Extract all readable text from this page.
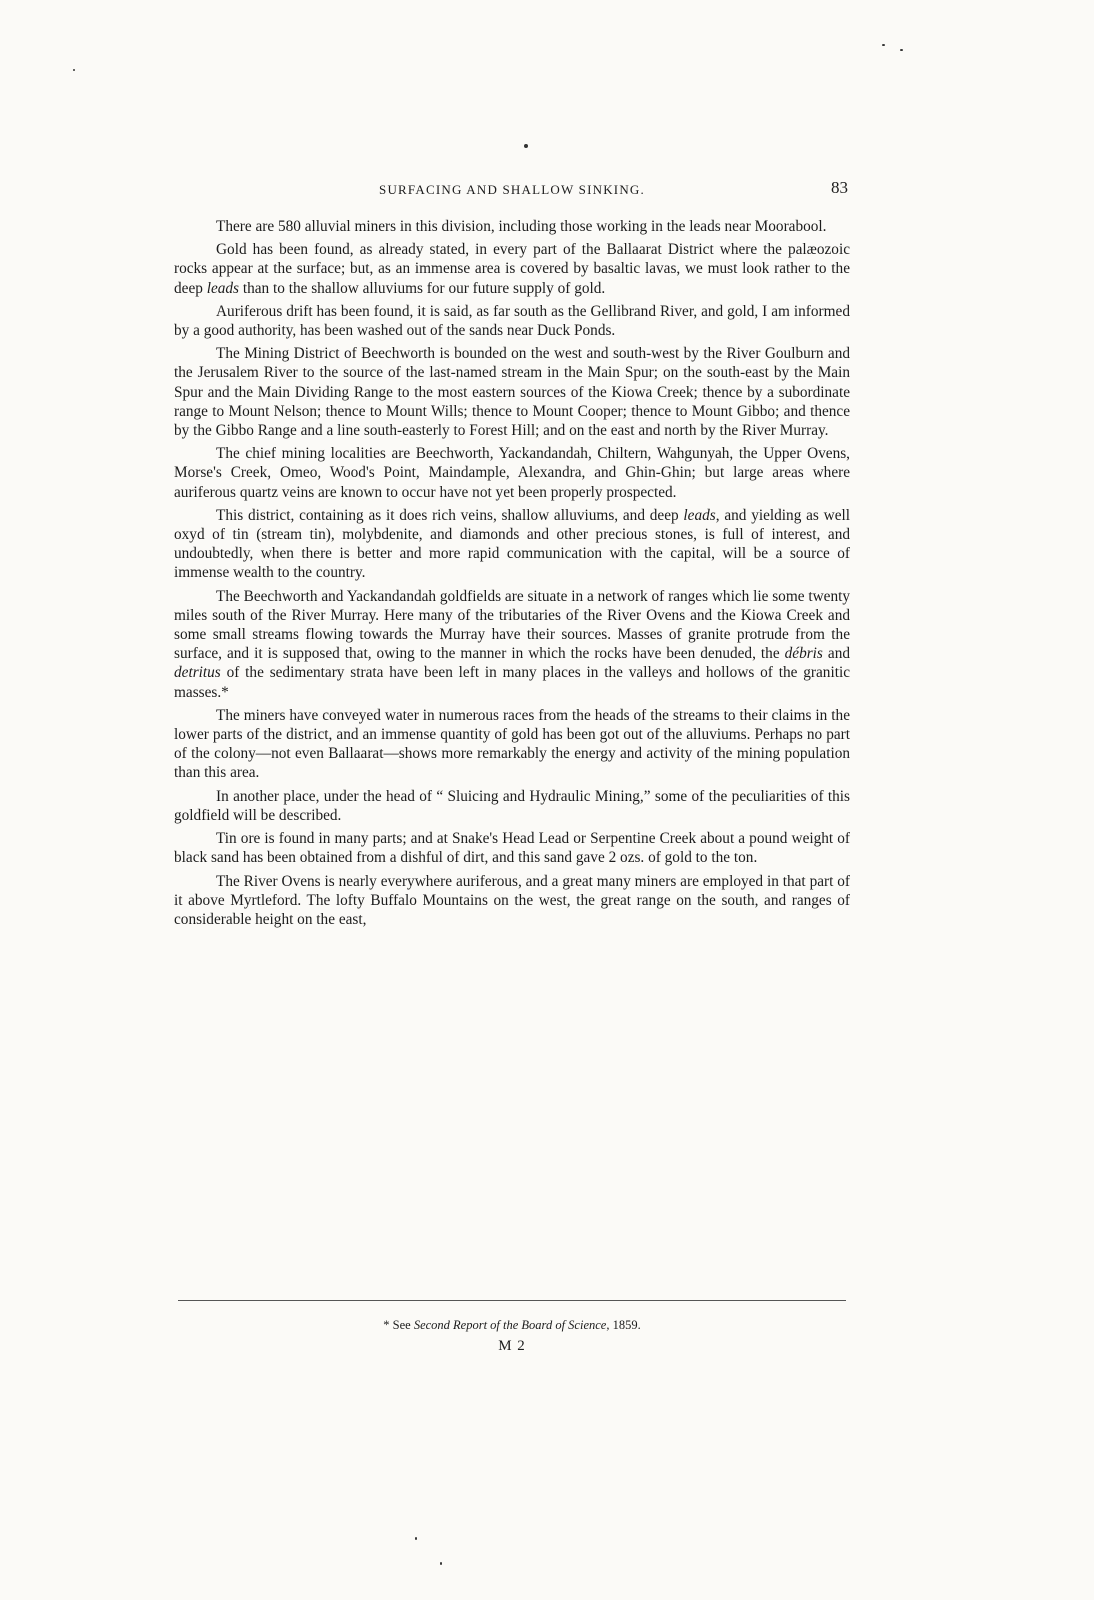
SURFACING AND SHALLOW SINKING.	83

There are 580 alluvial miners in this division, including those working in the leads near Moorabool.

Gold has been found, as already stated, in every part of the Ballaarat District where the palæozoic rocks appear at the surface; but, as an immense area is covered by basaltic lavas, we must look rather to the deep leads than to the shallow alluviums for our future supply of gold.

Auriferous drift has been found, it is said, as far south as the Gellibrand River, and gold, I am informed by a good authority, has been washed out of the sands near Duck Ponds.

The Mining District of Beechworth is bounded on the west and south-west by the River Goulburn and the Jerusalem River to the source of the last-named stream in the Main Spur; on the south-east by the Main Spur and the Main Dividing Range to the most eastern sources of the Kiowa Creek; thence by a subordinate range to Mount Nelson; thence to Mount Wills; thence to Mount Cooper; thence to Mount Gibbo; and thence by the Gibbo Range and a line south-easterly to Forest Hill; and on the east and north by the River Murray.

The chief mining localities are Beechworth, Yackandandah, Chiltern, Wahgunyah, the Upper Ovens, Morse's Creek, Omeo, Wood's Point, Maindample, Alexandra, and Ghin-Ghin; but large areas where auriferous quartz veins are known to occur have not yet been properly prospected.

This district, containing as it does rich veins, shallow alluviums, and deep leads, and yielding as well oxyd of tin (stream tin), molybdenite, and diamonds and other precious stones, is full of interest, and undoubtedly, when there is better and more rapid communication with the capital, will be a source of immense wealth to the country.

The Beechworth and Yackandandah goldfields are situate in a network of ranges which lie some twenty miles south of the River Murray. Here many of the tributaries of the River Ovens and the Kiowa Creek and some small streams flowing towards the Murray have their sources. Masses of granite protrude from the surface, and it is supposed that, owing to the manner in which the rocks have been denuded, the débris and detritus of the sedimentary strata have been left in many places in the valleys and hollows of the granitic masses.*

The miners have conveyed water in numerous races from the heads of the streams to their claims in the lower parts of the district, and an immense quantity of gold has been got out of the alluviums. Perhaps no part of the colony—not even Ballaarat—shows more remarkably the energy and activity of the mining population than this area.

In another place, under the head of “ Sluicing and Hydraulic Mining,” some of the peculiarities of this goldfield will be described.

Tin ore is found in many parts; and at Snake's Head Lead or Serpentine Creek about a pound weight of black sand has been obtained from a dishful of dirt, and this sand gave 2 ozs. of gold to the ton.

The River Ovens is nearly everywhere auriferous, and a great many miners are employed in that part of it above Myrtleford. The lofty Buffalo Mountains on the west, the great range on the south, and ranges of considerable height on the east,

* See Second Report of the Board of Science, 1859.
M 2
